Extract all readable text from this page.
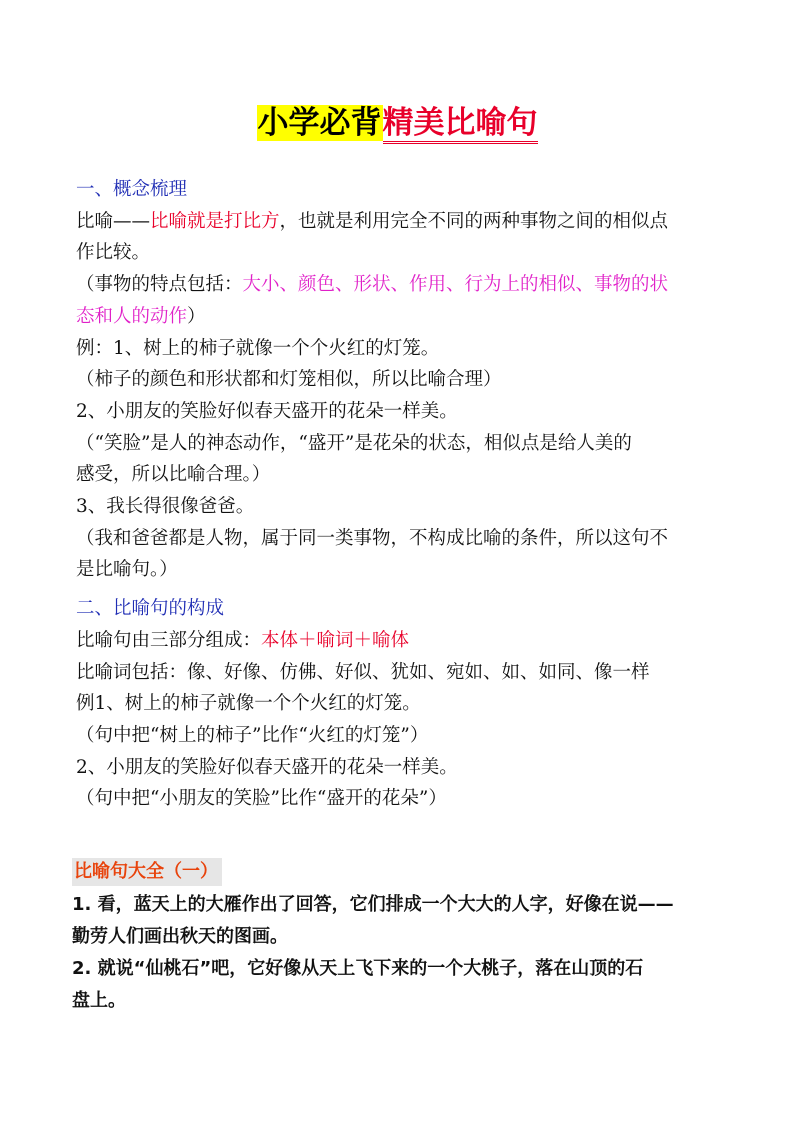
小学必背精美比喻句

一、概念梳理

比喻——比喻就是打比方，也就是利用完全不同的两种事物之间的相似点

作比较。

（事物的特点包括：大小、颜色、形状、作用、行为上的相似、事物的状

态和人的动作）

例：1、树上的柿子就像一个个火红的灯笼。

（柿子的颜色和形状都和灯笼相似，所以比喻合理）

2、小朋友的笑脸好似春天盛开的花朵一样美。

（“笑脸”是人的神态动作，“盛开”是花朵的状态，相似点是给人美的

感受，所以比喻合理。）

3、我长得很像爸爸。

（我和爸爸都是人物，属于同一类事物，不构成比喻的条件，所以这句不

是比喻句。）

二、比喻句的构成

比喻句由三部分组成：本体＋喻词＋喻体

比喻词包括：像、好像、仿佛、好似、犹如、宛如、如、如同、像一样

例1、树上的柿子就像一个个火红的灯笼。

（句中把“树上的柿子”比作“火红的灯笼”）

2、小朋友的笑脸好似春天盛开的花朵一样美。

（句中把“小朋友的笑脸”比作“盛开的花朵”）

比喻句大全（一）

1. 看，蓝天上的大雁作出了回答，它们排成一个大大的人字，好像在说——

勤劳人们画出秋天的图画。

2. 就说“仙桃石”吧，它好像从天上飞下来的一个大桃子，落在山顶的石

盘上。
